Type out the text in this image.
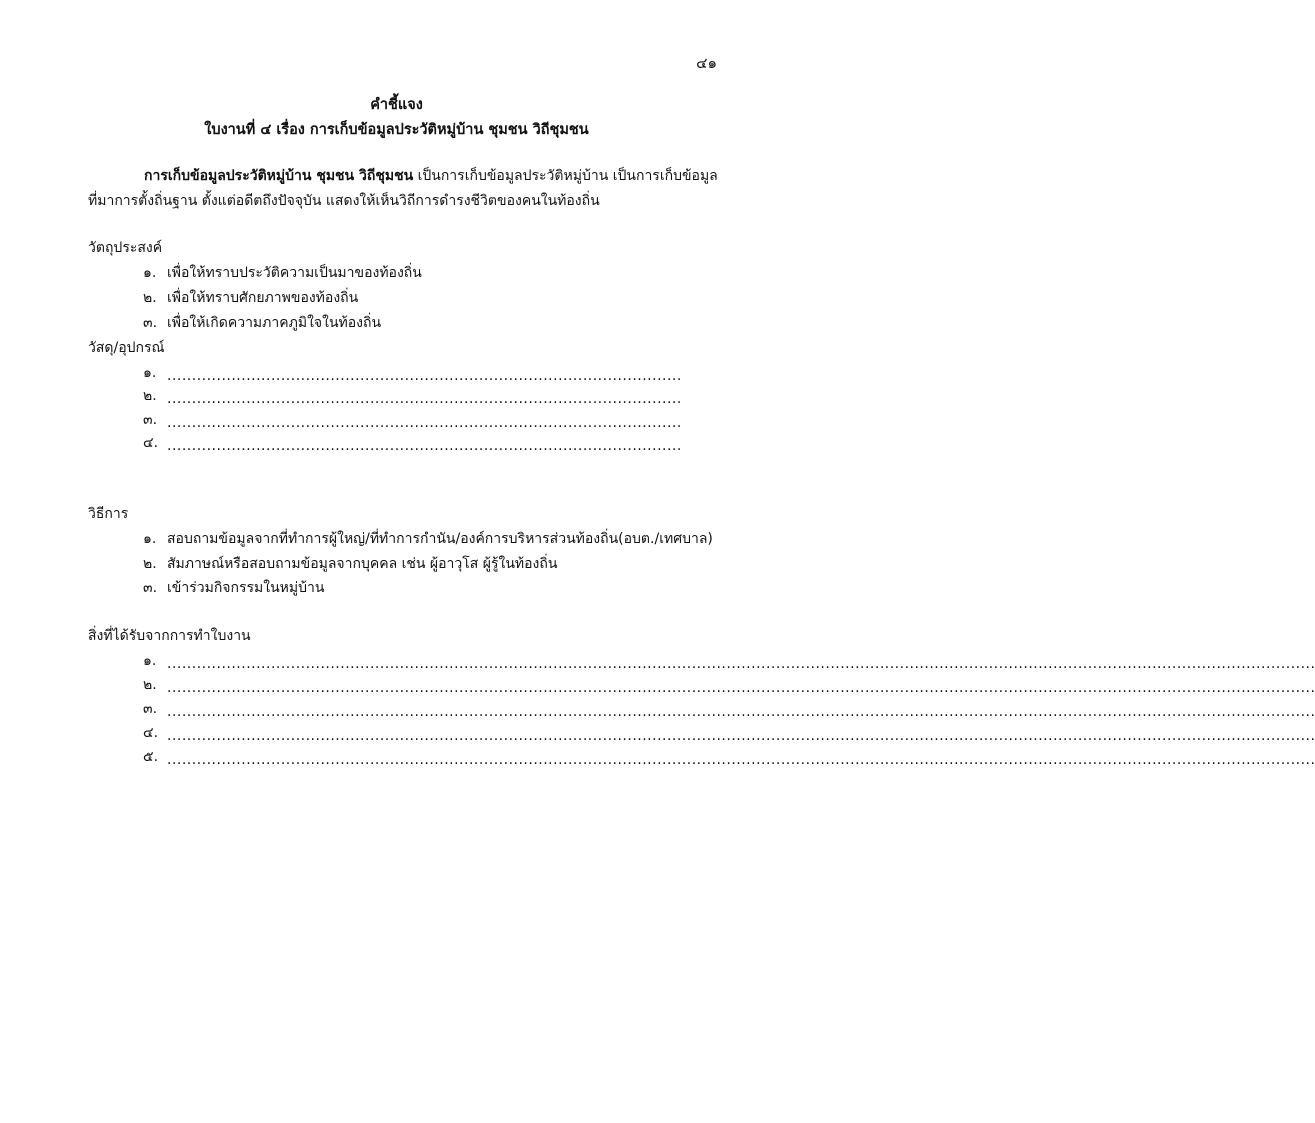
๔๑
คำชี้แจง
ใบงานที่ ๔ เรื่อง การเก็บข้อมูลประวัติหมู่บ้าน ชุมชน วิถีชุมชน
การเก็บข้อมูลประวัติหมู่บ้าน ชุมชน วิถีชุมชน เป็นการเก็บข้อมูลประวัติหมู่บ้าน เป็นการเก็บข้อมูล
ที่มาการตั้งถิ่นฐาน ตั้งแต่อดีตถึงปัจจุบัน แสดงให้เห็นวิถีการดำรงชีวิตของคนในท้องถิ่น
วัตถุประสงค์
๑. เพื่อให้ทราบประวัติความเป็นมาของท้องถิ่น
๒. เพื่อให้ทราบศักยภาพของท้องถิ่น
๓. เพื่อให้เกิดความภาคภูมิใจในท้องถิ่น
วัสดุ/อุปกรณ์
๑. ........................................................................................................
๒. ........................................................................................................
๓. ........................................................................................................
๔. ........................................................................................................
วิธีการ
๑. สอบถามข้อมูลจากที่ทำการผู้ใหญ่/ที่ทำการกำนัน/องค์การบริหารส่วนท้องถิ่น(อบต./เทศบาล)
๒. สัมภาษณ์หรือสอบถามข้อมูลจากบุคคล เช่น ผู้อาวุโส ผู้รู้ในท้องถิ่น
๓. เข้าร่วมกิจกรรมในหมู่บ้าน
สิ่งที่ได้รับจากการทำใบงาน
๑. ........................................................................................................................................................................................................................................
๒. ........................................................................................................................................................................................................................................
๓. ........................................................................................................................................................................................................................................
๔. ........................................................................................................................................................................................................................................
๕. ........................................................................................................................................................................................................................................
